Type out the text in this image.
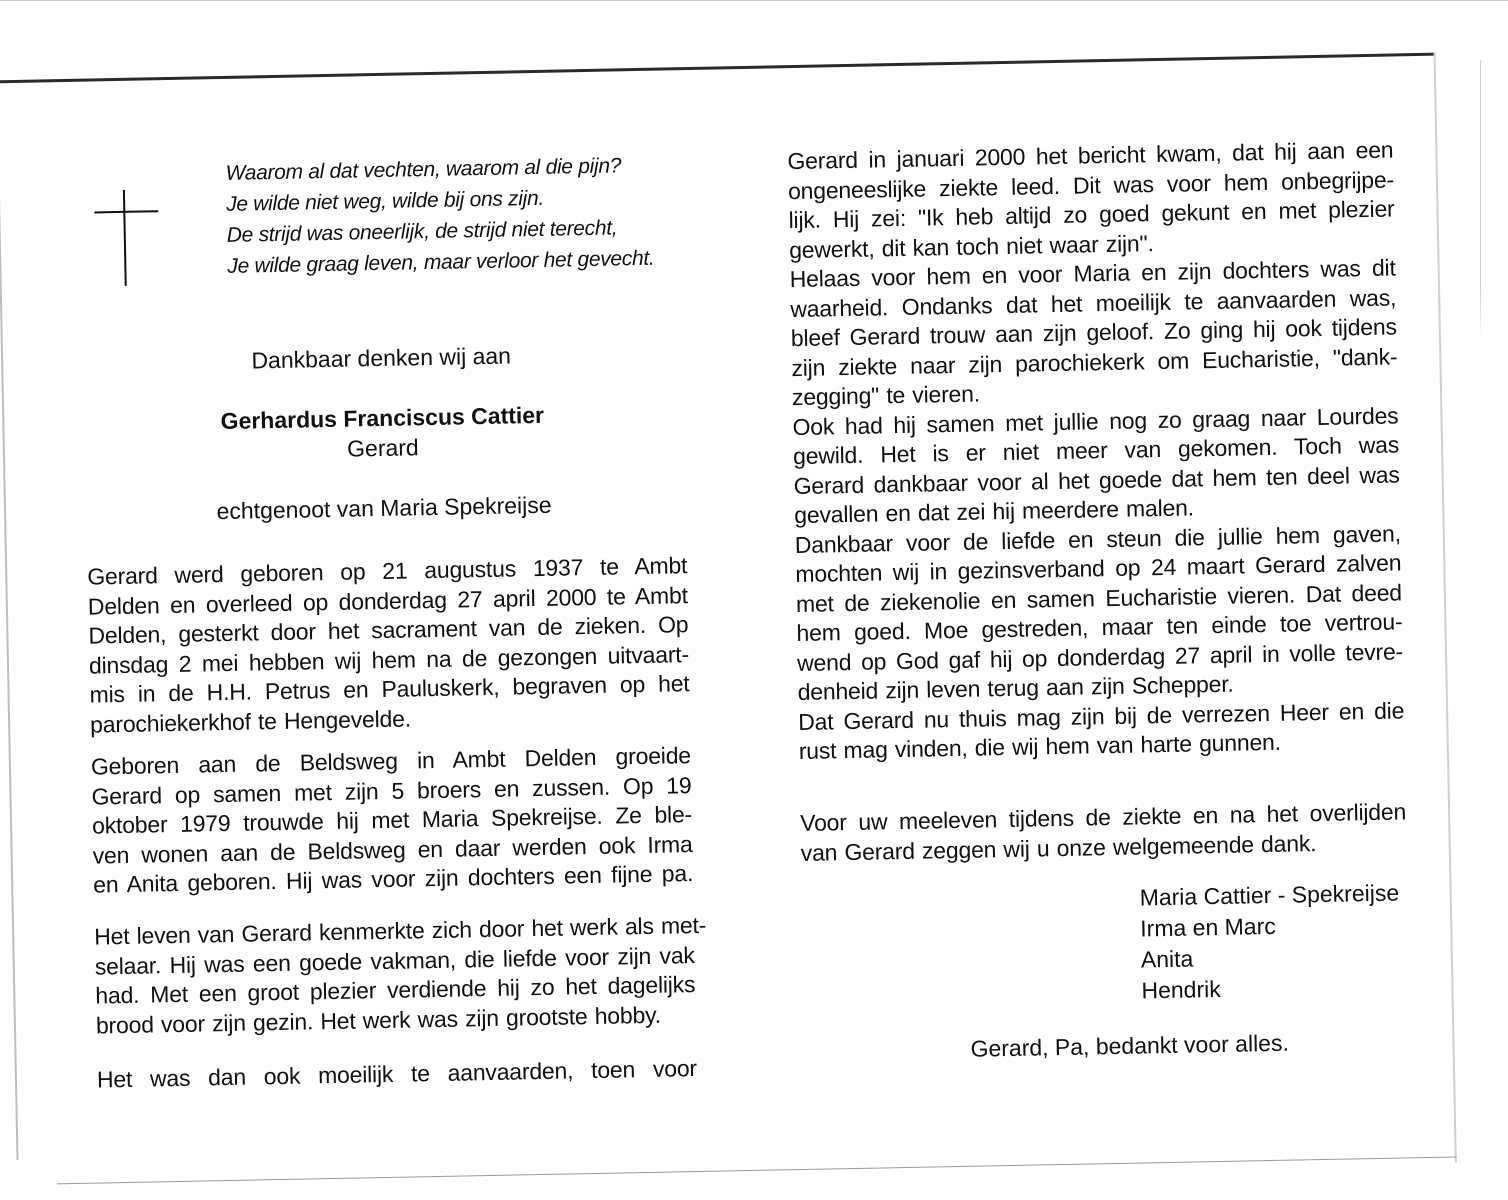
Waarom al dat vechten, waarom al die pijn?
Je wilde niet weg, wilde bij ons zijn.
De strijd was oneerlijk, de strijd niet terecht,
Je wilde graag leven, maar verloor het gevecht.
Dankbaar denken wij aan
Gerhardus Franciscus Cattier
Gerard
echtgenoot van Maria Spekreijse
Gerard werd geboren op 21 augustus 1937 te Ambt
Delden en overleed op donderdag 27 april 2000 te Ambt
Delden, gesterkt door het sacrament van de zieken. Op
dinsdag 2 mei hebben wij hem na de gezongen uitvaart-
mis in de H.H. Petrus en Pauluskerk, begraven op het
parochiekerkhof te Hengevelde.
Geboren aan de Beldsweg in Ambt Delden groeide
Gerard op samen met zijn 5 broers en zussen. Op 19
oktober 1979 trouwde hij met Maria Spekreijse. Ze ble-
ven wonen aan de Beldsweg en daar werden ook Irma
en Anita geboren. Hij was voor zijn dochters een fijne pa.
Het leven van Gerard kenmerkte zich door het werk als met-
selaar. Hij was een goede vakman, die liefde voor zijn vak
had. Met een groot plezier verdiende hij zo het dagelijks
brood voor zijn gezin. Het werk was zijn grootste hobby.
Het was dan ook moeilijk te aanvaarden, toen voor
Gerard in januari 2000 het bericht kwam, dat hij aan een
ongeneeslijke ziekte leed. Dit was voor hem onbegrijpe-
lijk. Hij zei: "Ik heb altijd zo goed gekunt en met plezier
gewerkt, dit kan toch niet waar zijn".
Helaas voor hem en voor Maria en zijn dochters was dit
waarheid. Ondanks dat het moeilijk te aanvaarden was,
bleef Gerard trouw aan zijn geloof. Zo ging hij ook tijdens
zijn ziekte naar zijn parochiekerk om Eucharistie, "dank-
zegging" te vieren.
Ook had hij samen met jullie nog zo graag naar Lourdes
gewild. Het is er niet meer van gekomen. Toch was
Gerard dankbaar voor al het goede dat hem ten deel was
gevallen en dat zei hij meerdere malen.
Dankbaar voor de liefde en steun die jullie hem gaven,
mochten wij in gezinsverband op 24 maart Gerard zalven
met de ziekenolie en samen Eucharistie vieren. Dat deed
hem goed. Moe gestreden, maar ten einde toe vertrou-
wend op God gaf hij op donderdag 27 april in volle tevre-
denheid zijn leven terug aan zijn Schepper.
Dat Gerard nu thuis mag zijn bij de verrezen Heer en die
rust mag vinden, die wij hem van harte gunnen.
Voor uw meeleven tijdens de ziekte en na het overlijden
van Gerard zeggen wij u onze welgemeende dank.
Maria Cattier - Spekreijse
Irma en Marc
Anita
Hendrik
Gerard, Pa, bedankt voor alles.
